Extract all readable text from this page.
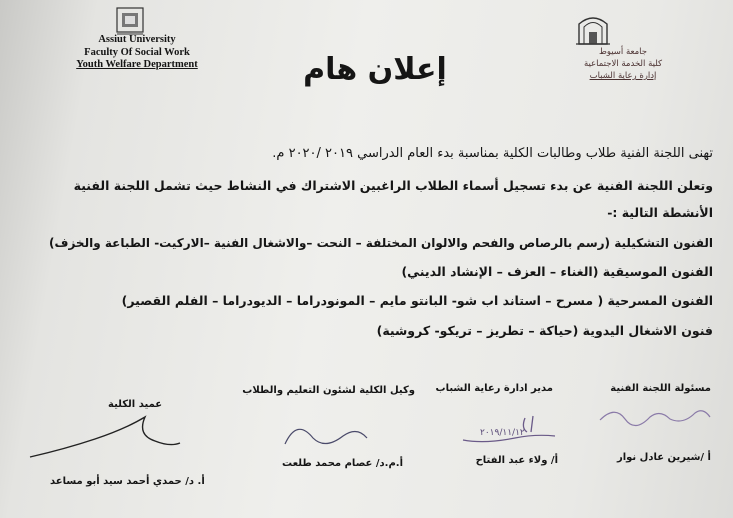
Assiut University
Faculty Of Social Work
Youth Welfare Department
جامعة أسيوط
كلية الخدمة الاجتماعية
إدارة رعاية الشباب
إعلان هام
تهنى اللجنة الفنية طلاب وطالبات الكلية بمناسبة بدء العام الدراسي ٢٠١٩ /٢٠٢٠ م.
وتعلن اللجنة الفنية عن بدء تسجيل أسماء الطلاب الراغبين الاشتراك في النشاط حيث تشمل اللجنة الفنية
الأنشطة التالية :-
الفنون التشكيلية (رسم بالرصاص والفحم والالوان المختلفة – النحت –والاشغال الفنية –الاركيت- الطباعة والخزف)
الفنون الموسيقية (الغناء – العزف – الإنشاد الديني)
الفنون المسرحية ( مسرح – استاند اب شو- البانتو مايم – المونودراما – الديودراما – الفلم القصير)
فنون الاشغال اليدوية (حياكة – تطريز – تريكو- كروشية)
مسئولة اللجنة الفنية
أ /شيرين عادل نوار
مدير ادارة رعاية الشباب
٢٠١٩/١١/١٢
أ/ ولاء عبد الفتاح
وكيل الكلية لشئون التعليم والطلاب
أ.م.د/ عصام محمد طلعت
عميد الكلية
أ. د/ حمدي أحمد سيد أبو مساعد
